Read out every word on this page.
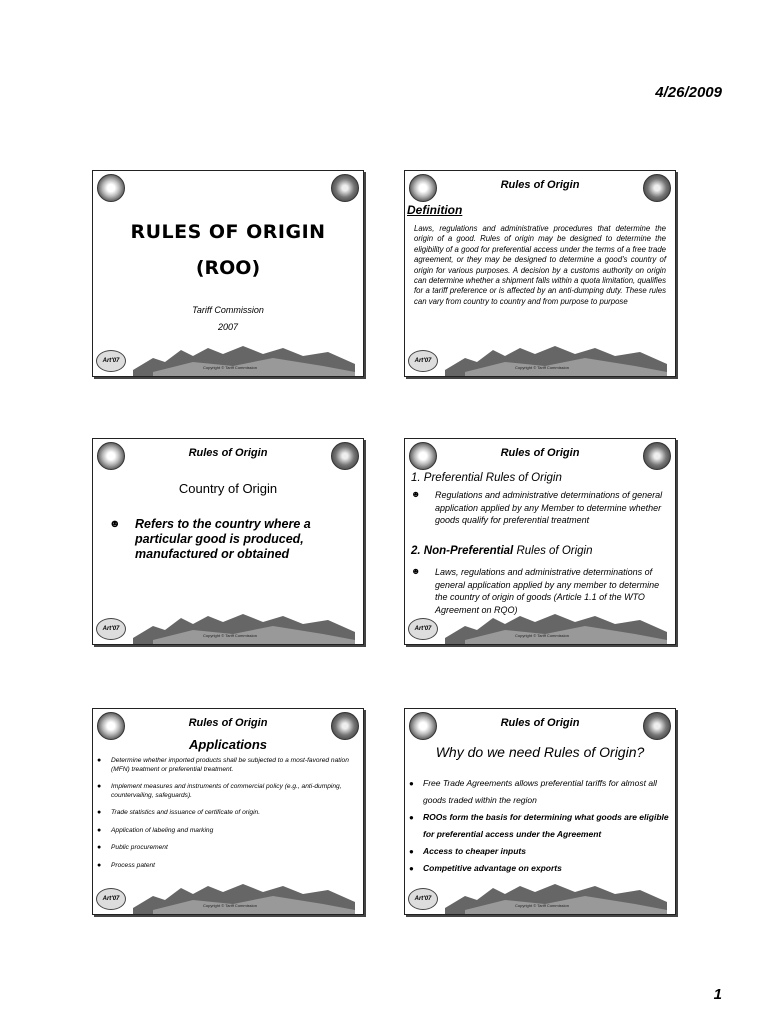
4/26/2009
RULES OF ORIGIN
(ROO)
Tariff Commission
2007
Art'07
Copyright © Tariff Commission
Rules of Origin
Definition
Laws, regulations and administrative procedures that determine the origin of a good. Rules of origin may be designed to determine the eligibility of a good for preferential access under the terms of a free trade agreement, or they may be designed to determine a good's country of origin for various purposes. A decision by a customs authority on origin can determine whether a shipment falls within a quota limitation, qualifies for a tariff preference or is affected by an anti-dumping duty. These rules can vary from country to country and from purpose to purpose
Art'07
Copyright © Tariff Commission
Rules of Origin
Country of Origin
☻ Refers to the country where a particular good is produced, manufactured or obtained
Art'07
Copyright © Tariff Commission
Rules of Origin
1. Preferential Rules of Origin
☻ Regulations and administrative determinations of general application applied by any Member to determine whether goods qualify for preferential treatment
2. Non-Preferential Rules of Origin
☻ Laws, regulations and administrative determinations of general application applied by any member to determine the country of origin of goods (Article 1.1 of the WTO Agreement on RQO)
Art'07
Copyright © Tariff Commission
Rules of Origin
Applications
●	Determine whether imported products shall be subjected to a most-favored nation (MFN) treatment or preferential treatment.
●	Implement measures and instruments of commercial policy (e.g., anti-dumping, countervailing, safeguards).
●	Trade statistics and issuance of certificate of origin.
●	Application of labeling and marking
●	Public procurement
●	Process patent
Art'07
Copyright © Tariff Commission
Rules of Origin
Why do we need Rules of Origin?
●	Free Trade Agreements allows preferential tariffs for almost all goods traded within the region
●	ROOs form the basis for determining what goods are eligible for preferential access under the Agreement
●	Access to cheaper inputs
●	Competitive advantage on exports
Art'07
Copyright © Tariff Commission
1
